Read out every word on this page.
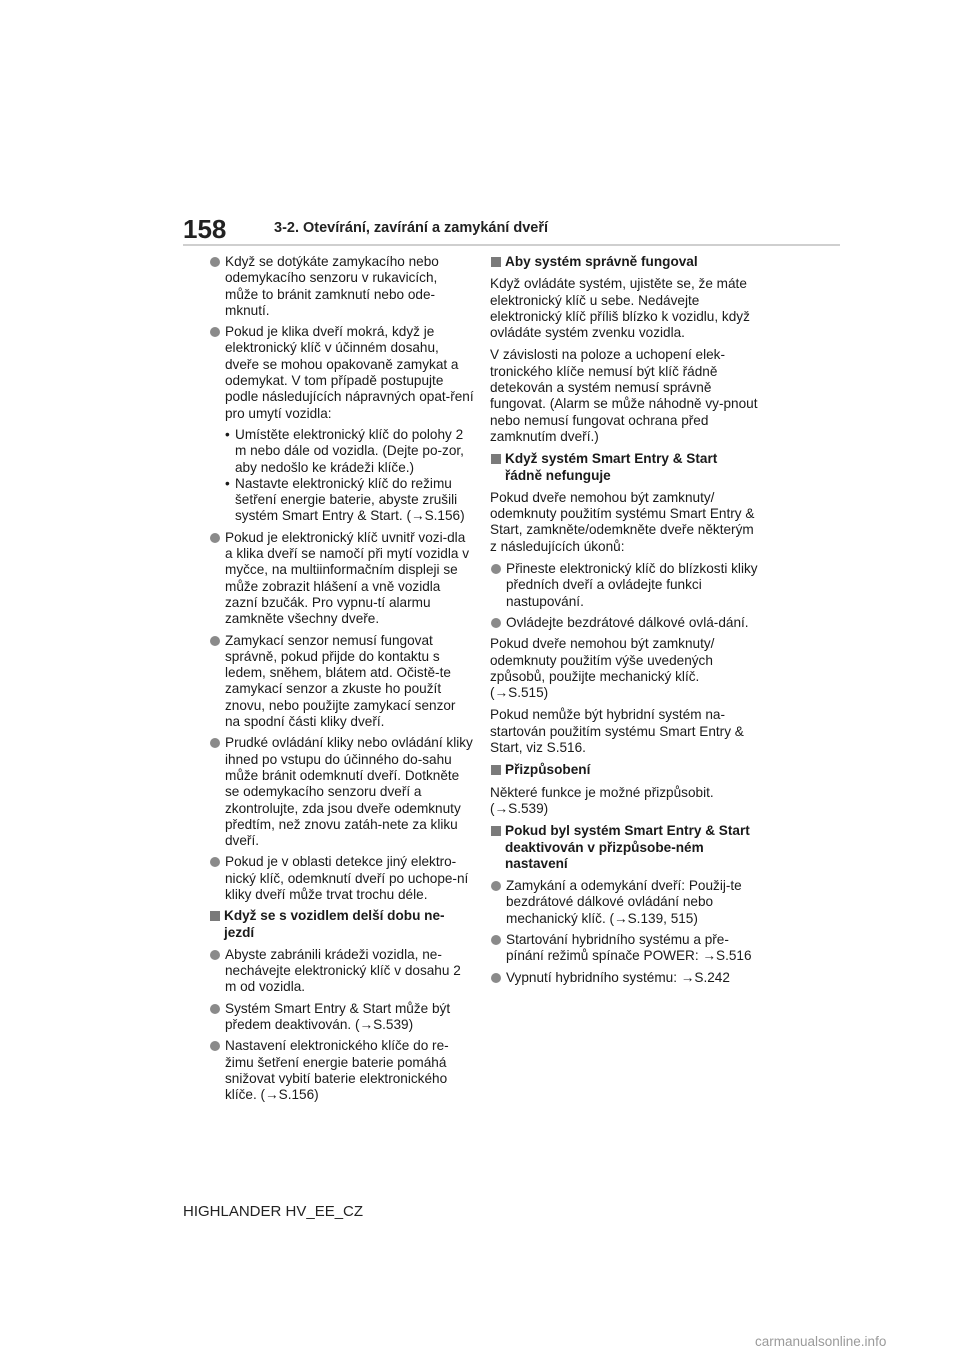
158	3-2. Otevírání, zavírání a zamykání dveří
Když se dotýkáte zamykacího nebo odemykacího senzoru v rukavicích, může to bránit zamknutí nebo ode-mknutí.
Pokud je klika dveří mokrá, když je elektronický klíč v účinném dosahu, dveře se mohou opakovaně zamykat a odemykat. V tom případě postupujte podle následujících nápravných opat-ření pro umytí vozidla:
• Umístěte elektronický klíč do polohy 2 m nebo dále od vozidla. (Dejte po-zor, aby nedošlo ke krádeži klíče.)
• Nastavte elektronický klíč do režimu šetření energie baterie, abyste zrušili systém Smart Entry & Start. (→S.156)
Pokud je elektronický klíč uvnitř vozi-dla a klika dveří se namočí při mytí vozidla v myčce, na multiinformačním displeji se může zobrazit hlášení a vně vozidla zazní bzučák. Pro vypnu-tí alarmu zamkněte všechny dveře.
Zamykací senzor nemusí fungovat správně, pokud přijde do kontaktu s ledem, sněhem, blátem atd. Očistě-te zamykací senzor a zkuste ho použít znovu, nebo použijte zamykací senzor na spodní části kliky dveří.
Prudké ovládání kliky nebo ovládání kliky ihned po vstupu do účinného do-sahu může bránit odemknutí dveří. Dotkněte se odemykacího senzoru dveří a zkontrolujte, zda jsou dveře odemknuty předtím, než znovu zatáh-nete za kliku dveří.
Pokud je v oblasti detekce jiný elektro-nický klíč, odemknutí dveří po uchope-ní kliky dveří může trvat trochu déle.
Když se s vozidlem delší dobu ne-jezdí
Abyste zabránili krádeži vozidla, ne-nechávejte elektronický klíč v dosahu 2 m od vozidla.
Systém Smart Entry & Start může být předem deaktivován. (→S.539)
Nastavení elektronického klíče do re-žimu šetření energie baterie pomáhá snižovat vybití baterie elektronického klíče. (→S.156)
Aby systém správně fungoval
Když ovládáte systém, ujistěte se, že máte elektronický klíč u sebe. Nedávejte elektronický klíč příliš blízko k vozidlu, když ovládáte systém zvenku vozidla.
V závislosti na poloze a uchopení elek-tronického klíče nemusí být klíč řádně detekován a systém nemusí správně fungovat. (Alarm se může náhodně vy-pnout nebo nemusí fungovat ochrana před zamknutím dveří.)
Když systém Smart Entry & Start řádně nefunguje
Pokud dveře nemohou být zamknuty/ odemknuty použitím systému Smart Entry & Start, zamkněte/odemkněte dveře některým z následujících úkonů:
Přineste elektronický klíč do blízkosti kliky předních dveří a ovládejte funkci nastupování.
Ovládejte bezdrátové dálkové ovlá-dání.
Pokud dveře nemohou být zamknuty/ odemknuty použitím výše uvedených způsobů, použijte mechanický klíč. (→S.515)
Pokud nemůže být hybridní systém na-startován použitím systému Smart Entry & Start, viz S.516.
Přizpůsobení
Některé funkce je možné přizpůsobit. (→S.539)
Pokud byl systém Smart Entry & Start deaktivován v přizpůsobe-ném nastavení
Zamykání a odemykání dveří: Použij-te bezdrátové dálkové ovládání nebo mechanický klíč. (→S.139, 515)
Startování hybridního systému a pře-pínání režimů spínače POWER: →S.516
Vypnutí hybridního systému: →S.242
HIGHLANDER HV_EE_CZ
carmanualsonline.info
